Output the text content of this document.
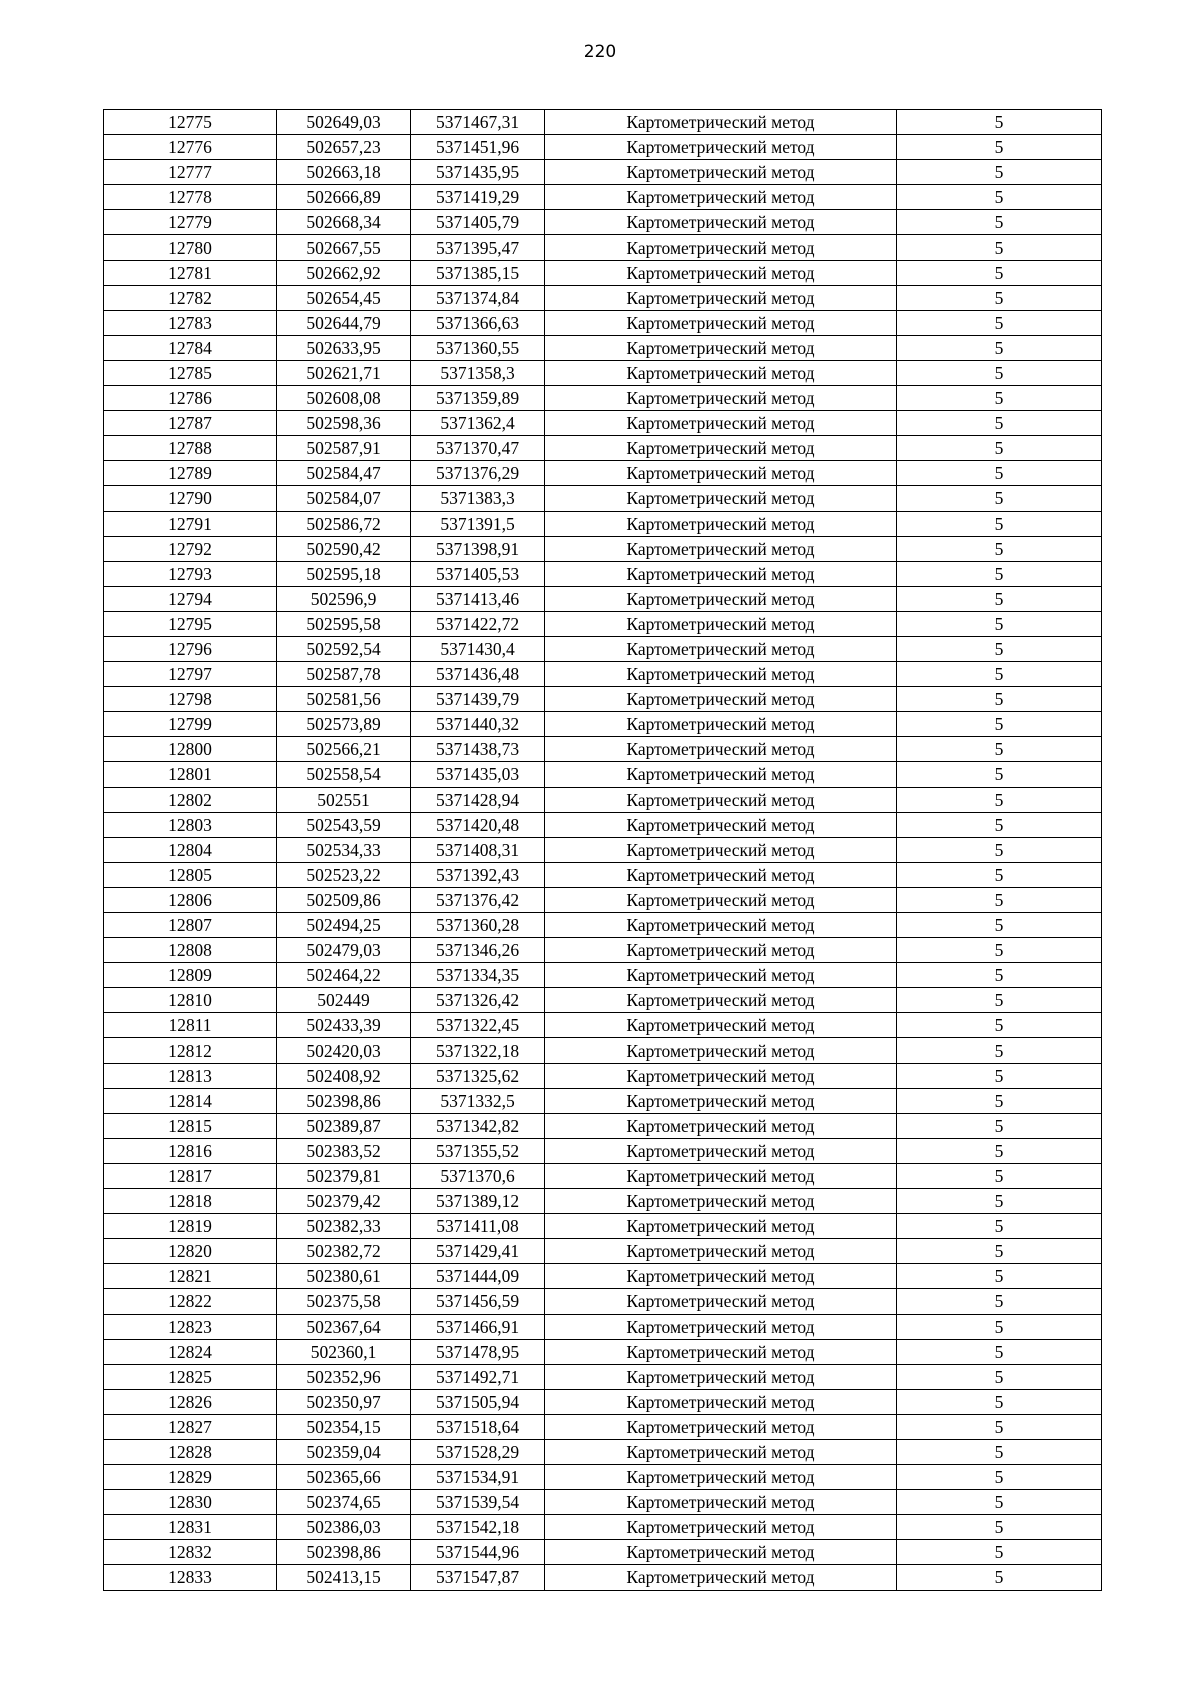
220
12775	502649,03	5371467,31	Картометрический метод	5
12776	502657,23	5371451,96	Картометрический метод	5
12777	502663,18	5371435,95	Картометрический метод	5
12778	502666,89	5371419,29	Картометрический метод	5
12779	502668,34	5371405,79	Картометрический метод	5
12780	502667,55	5371395,47	Картометрический метод	5
12781	502662,92	5371385,15	Картометрический метод	5
12782	502654,45	5371374,84	Картометрический метод	5
12783	502644,79	5371366,63	Картометрический метод	5
12784	502633,95	5371360,55	Картометрический метод	5
12785	502621,71	5371358,3	Картометрический метод	5
12786	502608,08	5371359,89	Картометрический метод	5
12787	502598,36	5371362,4	Картометрический метод	5
12788	502587,91	5371370,47	Картометрический метод	5
12789	502584,47	5371376,29	Картометрический метод	5
12790	502584,07	5371383,3	Картометрический метод	5
12791	502586,72	5371391,5	Картометрический метод	5
12792	502590,42	5371398,91	Картометрический метод	5
12793	502595,18	5371405,53	Картометрический метод	5
12794	502596,9	5371413,46	Картометрический метод	5
12795	502595,58	5371422,72	Картометрический метод	5
12796	502592,54	5371430,4	Картометрический метод	5
12797	502587,78	5371436,48	Картометрический метод	5
12798	502581,56	5371439,79	Картометрический метод	5
12799	502573,89	5371440,32	Картометрический метод	5
12800	502566,21	5371438,73	Картометрический метод	5
12801	502558,54	5371435,03	Картометрический метод	5
12802	502551	5371428,94	Картометрический метод	5
12803	502543,59	5371420,48	Картометрический метод	5
12804	502534,33	5371408,31	Картометрический метод	5
12805	502523,22	5371392,43	Картометрический метод	5
12806	502509,86	5371376,42	Картометрический метод	5
12807	502494,25	5371360,28	Картометрический метод	5
12808	502479,03	5371346,26	Картометрический метод	5
12809	502464,22	5371334,35	Картометрический метод	5
12810	502449	5371326,42	Картометрический метод	5
12811	502433,39	5371322,45	Картометрический метод	5
12812	502420,03	5371322,18	Картометрический метод	5
12813	502408,92	5371325,62	Картометрический метод	5
12814	502398,86	5371332,5	Картометрический метод	5
12815	502389,87	5371342,82	Картометрический метод	5
12816	502383,52	5371355,52	Картометрический метод	5
12817	502379,81	5371370,6	Картометрический метод	5
12818	502379,42	5371389,12	Картометрический метод	5
12819	502382,33	5371411,08	Картометрический метод	5
12820	502382,72	5371429,41	Картометрический метод	5
12821	502380,61	5371444,09	Картометрический метод	5
12822	502375,58	5371456,59	Картометрический метод	5
12823	502367,64	5371466,91	Картометрический метод	5
12824	502360,1	5371478,95	Картометрический метод	5
12825	502352,96	5371492,71	Картометрический метод	5
12826	502350,97	5371505,94	Картометрический метод	5
12827	502354,15	5371518,64	Картометрический метод	5
12828	502359,04	5371528,29	Картометрический метод	5
12829	502365,66	5371534,91	Картометрический метод	5
12830	502374,65	5371539,54	Картометрический метод	5
12831	502386,03	5371542,18	Картометрический метод	5
12832	502398,86	5371544,96	Картометрический метод	5
12833	502413,15	5371547,87	Картометрический метод	5
